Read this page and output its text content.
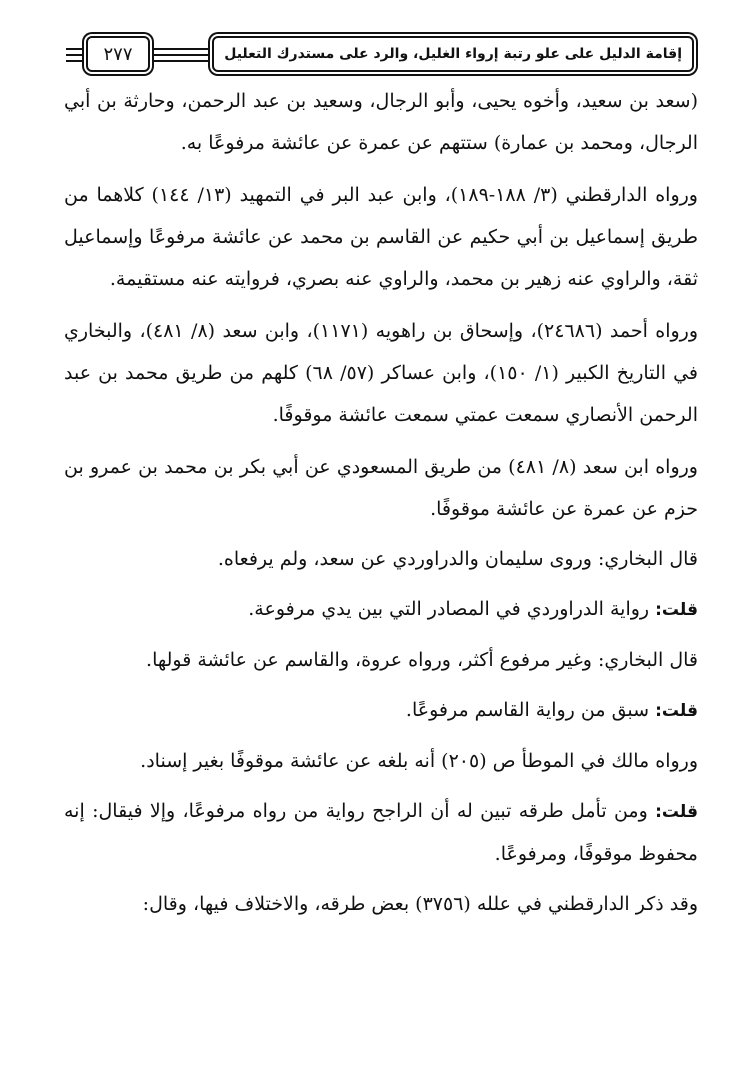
إقامة الدليل على علو رتبة إرواء الغليل، والرد على مستدرك التعليل
٢٧٧

(سعد بن سعيد، وأخوه يحيى، وأبو الرجال، وسعيد بن عبد الرحمن، وحارثة بن أبي الرجال، ومحمد بن عمارة) ستتهم عن عمرة عن عائشة مرفوعًا به.

ورواه الدارقطني (٣/ ١٨٨-١٨٩)، وابن عبد البر في التمهيد (١٣/ ١٤٤) كلاهما من طريق إسماعيل بن أبي حكيم عن القاسم بن محمد عن عائشة مرفوعًا وإسماعيل ثقة، والراوي عنه زهير بن محمد، والراوي عنه بصري، فروايته عنه مستقيمة.

ورواه أحمد (٢٤٦٨٦)، وإسحاق بن راهويه (١١٧١)، وابن سعد (٨/ ٤٨١)، والبخاري في التاريخ الكبير (١/ ١٥٠)، وابن عساكر (٥٧/ ٦٨) كلهم من طريق محمد بن عبد الرحمن الأنصاري سمعت عمتي سمعت عائشة موقوفًا.

ورواه ابن سعد (٨/ ٤٨١) من طريق المسعودي عن أبي بكر بن محمد بن عمرو بن حزم عن عمرة عن عائشة موقوفًا.

قال البخاري: وروى سليمان والدراوردي عن سعد، ولم يرفعاه.

قلت: رواية الدراوردي في المصادر التي بين يدي مرفوعة.

قال البخاري: وغير مرفوع أكثر، ورواه عروة، والقاسم عن عائشة قولها.

قلت: سبق من رواية القاسم مرفوعًا.

ورواه مالك في الموطأ ص (٢٠٥) أنه بلغه عن عائشة موقوفًا بغير إسناد.

قلت: ومن تأمل طرقه تبين له أن الراجح رواية من رواه مرفوعًا، وإلا فيقال: إنه محفوظ موقوفًا، ومرفوعًا.

وقد ذكر الدارقطني في علله (٣٧٥٦) بعض طرقه، والاختلاف فيها، وقال:
